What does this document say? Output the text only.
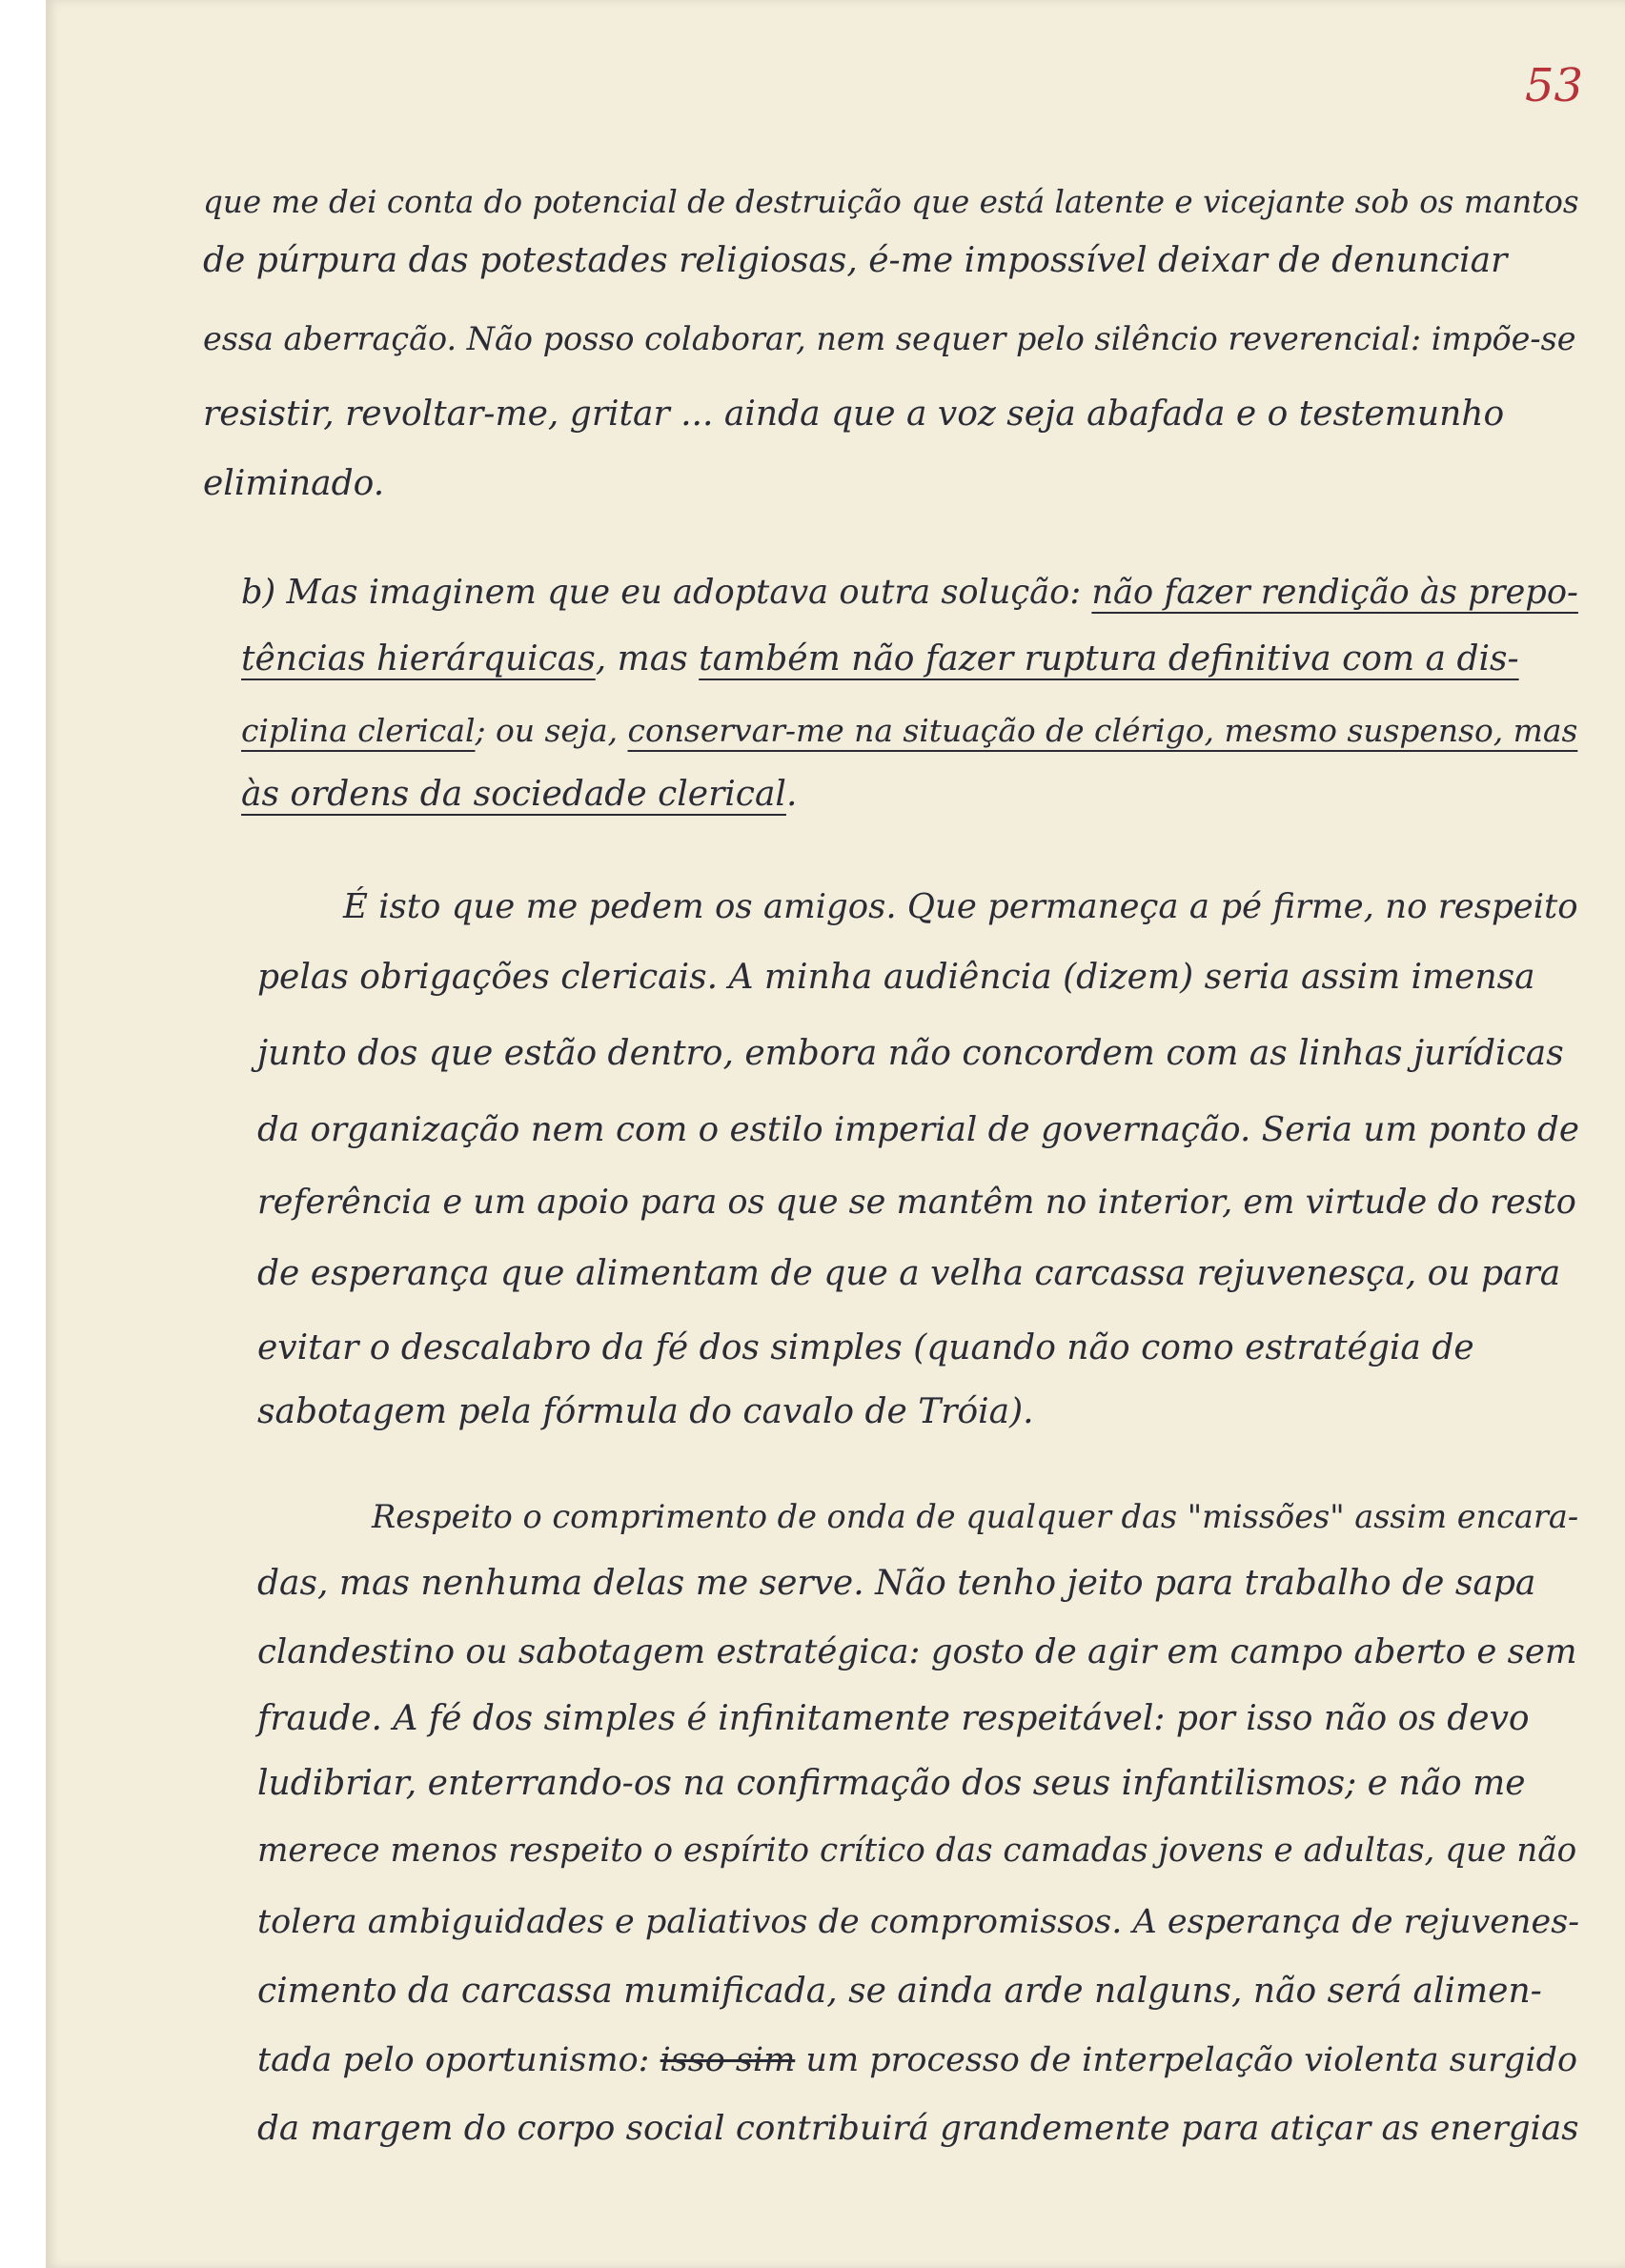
53
que me dei conta do potencial de destruição que está latente e vicejante sob os mantos
de púrpura das potestades religiosas, é-me impossível deixar de denunciar
essa aberração. Não posso colaborar, nem sequer pelo silêncio reverencial: impõe-se
resistir, revoltar-me, gritar ... ainda que a voz seja abafada e o testemunho
eliminado.
b) Mas imaginem que eu adoptava outra solução: não fazer rendição às prepo-
tências hierárquicas, mas também não fazer ruptura definitiva com a dis-
ciplina clerical; ou seja, conservar-me na situação de clérigo, mesmo suspenso, mas
às ordens da sociedade clerical.
É isto que me pedem os amigos. Que permaneça a pé firme, no respeito
pelas obrigações clericais. A minha audiência (dizem) seria assim imensa
junto dos que estão dentro, embora não concordem com as linhas jurídicas
da organização nem com o estilo imperial de governação. Seria um ponto de
referência e um apoio para os que se mantêm no interior, em virtude do resto
de esperança que alimentam de que a velha carcassa rejuvenesça, ou para
evitar o descalabro da fé dos simples (quando não como estratégia de
sabotagem pela fórmula do cavalo de Tróia).
Respeito o comprimento de onda de qualquer das "missões" assim encara-
das, mas nenhuma delas me serve. Não tenho jeito para trabalho de sapa
clandestino ou sabotagem estratégica: gosto de agir em campo aberto e sem
fraude. A fé dos simples é infinitamente respeitável: por isso não os devo
ludibriar, enterrando-os na confirmação dos seus infantilismos; e não me
merece menos respeito o espírito crítico das camadas jovens e adultas, que não
tolera ambiguidades e paliativos de compromissos. A esperança de rejuvenes-
cimento da carcassa mumificada, se ainda arde nalguns, não será alimen-
tada pelo oportunismo: isso sim um processo de interpelação violenta surgido
da margem do corpo social contribuirá grandemente para atiçar as energias
